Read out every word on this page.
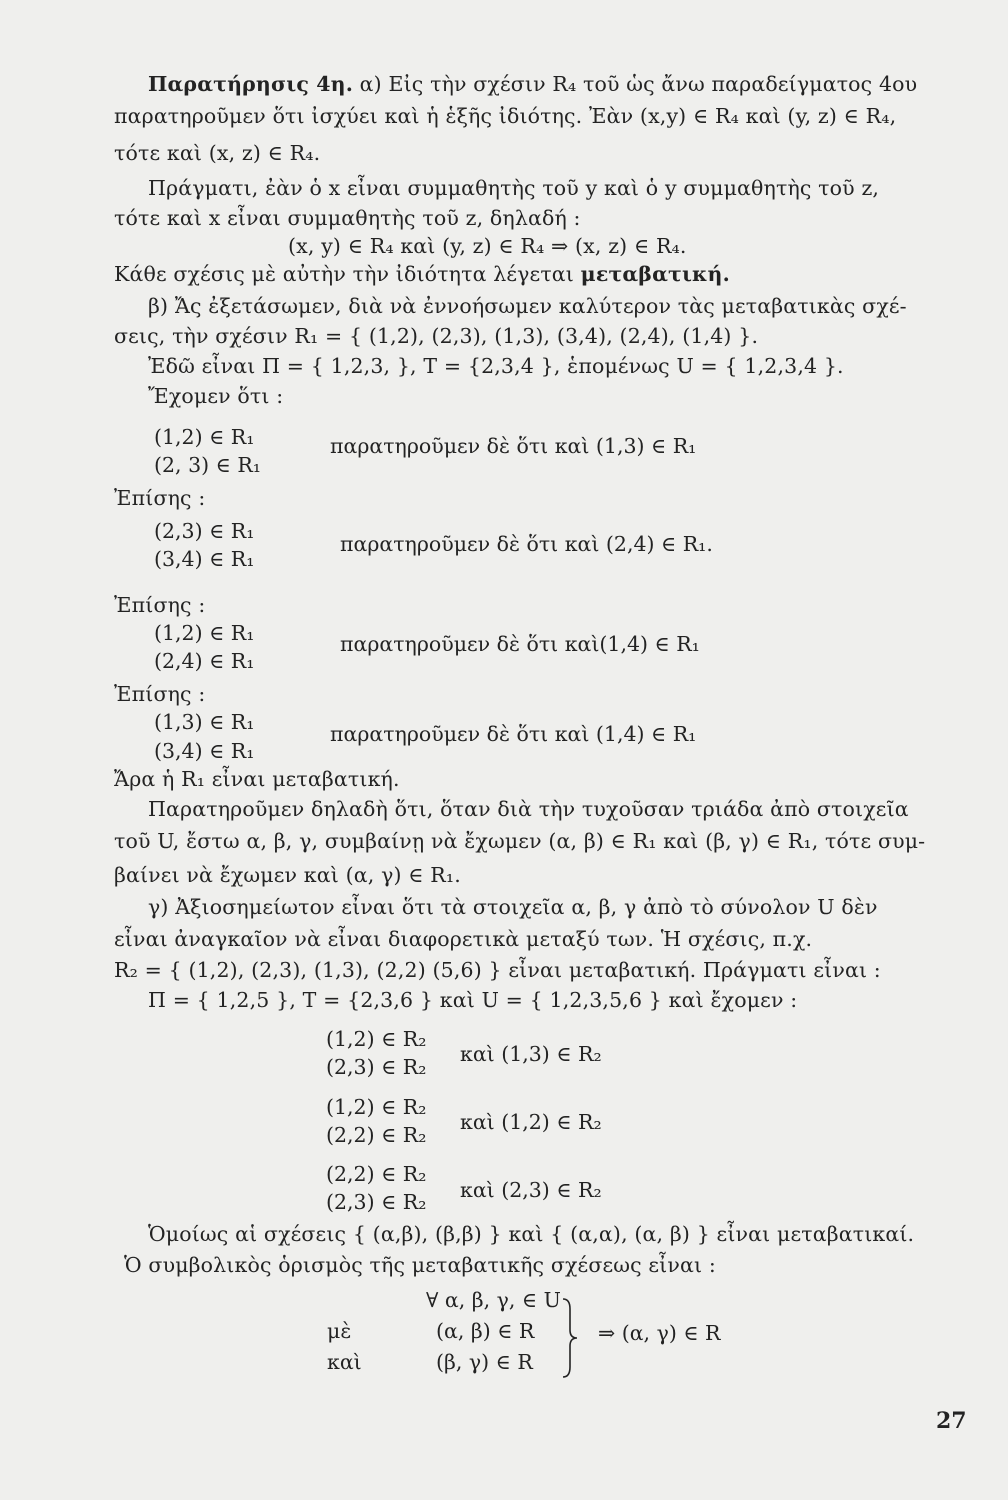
Παρατήρησις 4η. α) Εἰς τὴν σχέσιν R₄ τοῦ ὡς ἄνω παραδείγματος 4ου
παρατηροῦμεν ὅτι ἰσχύει καὶ ἡ ἑξῆς ἰδιότης. Ἐὰν (x,y) ∈ R₄ καὶ (y, z) ∈ R₄,
τότε καὶ (x, z) ∈ R₄.
Πράγματι, ἐὰν ὁ x εἶναι συμμαθητὴς τοῦ y καὶ ὁ y συμμαθητὴς τοῦ z,
τότε καὶ x εἶναι συμμαθητὴς τοῦ z, δηλαδή :
(x, y) ∈ R₄ καὶ (y, z) ∈ R₄ ⇒ (x, z) ∈ R₄.
Κάθε σχέσις μὲ αὐτὴν τὴν ἰδιότητα λέγεται μεταβατική.
β) Ἄς ἐξετάσωμεν, διὰ νὰ ἐννοήσωμεν καλύτερον τὰς μεταβατικὰς σχέ-
σεις, τὴν σχέσιν R₁ = { (1,2), (2,3), (1,3), (3,4), (2,4), (1,4) }.
Ἐδῶ εἶναι Π = { 1,2,3, }, T = {2,3,4 }, ἑπομένως U = { 1,2,3,4 }.
Ἔχομεν ὅτι :
(1,2) ∈ R₁	παρατηροῦμεν δὲ ὅτι καὶ (1,3) ∈ R₁
(2, 3) ∈ R₁
Ἐπίσης :
(2,3) ∈ R₁
παρατηροῦμεν δὲ ὅτι καὶ (2,4) ∈ R₁.
(3,4) ∈ R₁
Ἐπίσης :
(1,2) ∈ R₁	παρατηροῦμεν δὲ ὅτι καὶ(1,4) ∈ R₁
(2,4) ∈ R₁
Ἐπίσης :
(1,3) ∈ R₁	παρατηροῦμεν δὲ ὅτι καὶ (1,4) ∈ R₁
(3,4) ∈ R₁
Ἄρα ἡ R₁ εἶναι μεταβατική.
Παρατηροῦμεν δηλαδὴ ὅτι, ὅταν διὰ τὴν τυχοῦσαν τριάδα ἀπὸ στοιχεῖα
τοῦ U, ἔστω α, β, γ, συμβαίνῃ νὰ ἔχωμεν (α, β) ∈ R₁ καὶ (β, γ) ∈ R₁, τότε συμ-
βαίνει νὰ ἔχωμεν καὶ (α, γ) ∈ R₁.
γ) Ἀξιοσημείωτον εἶναι ὅτι τὰ στοιχεῖα α, β, γ ἀπὸ τὸ σύνολον U δὲν
εἶναι ἀναγκαῖον νὰ εἶναι διαφορετικὰ μεταξύ των. Ἡ σχέσις, π.χ.
R₂ = { (1,2), (2,3), (1,3), (2,2) (5,6) } εἶναι μεταβατική. Πράγματι εἶναι :
Π = { 1,2,5 }, T = {2,3,6 } καὶ U = { 1,2,3,5,6 } καὶ ἔχομεν :
(1,2) ∈ R₂
καὶ (1,3) ∈ R₂
(2,3) ∈ R₂
(1,2) ∈ R₂
καὶ (1,2) ∈ R₂
(2,2) ∈ R₂
(2,2) ∈ R₂
καὶ (2,3) ∈ R₂
(2,3) ∈ R₂
Ὁμοίως αἱ σχέσεις { (α,β), (β,β) } καὶ { (α,α), (α, β) } εἶναι μεταβατικαί.
Ὁ συμβολικὸς ὁρισμὸς τῆς μεταβατικῆς σχέσεως εἶναι :
∀ α, β, γ, ∈ U
μὲ	(α, β) ∈ R
καὶ	(β, γ) ∈ R
⇒ (α, γ) ∈ R
27
